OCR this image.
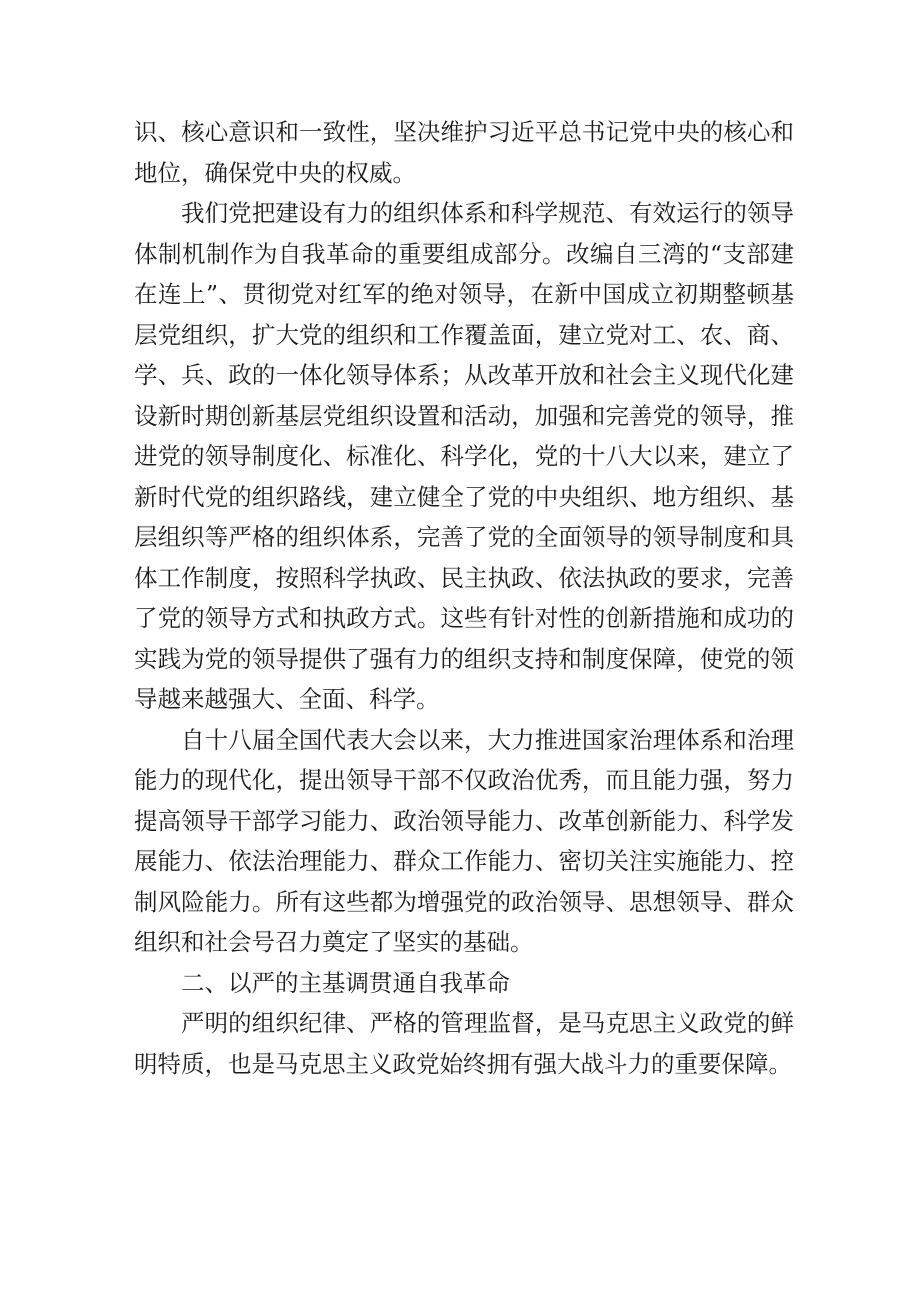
识、核心意识和一致性，坚决维护习近平总书记党中央的核心和地位，确保党中央的权威。

我们党把建设有力的组织体系和科学规范、有效运行的领导体制机制作为自我革命的重要组成部分。改编自三湾的“支部建在连上”、贯彻党对红军的绝对领导，在新中国成立初期整顿基层党组织，扩大党的组织和工作覆盖面，建立党对工、农、商、学、兵、政的一体化领导体系；从改革开放和社会主义现代化建设新时期创新基层党组织设置和活动，加强和完善党的领导，推进党的领导制度化、标准化、科学化，党的十八大以来，建立了新时代党的组织路线，建立健全了党的中央组织、地方组织、基层组织等严格的组织体系，完善了党的全面领导的领导制度和具体工作制度，按照科学执政、民主执政、依法执政的要求，完善了党的领导方式和执政方式。这些有针对性的创新措施和成功的实践为党的领导提供了强有力的组织支持和制度保障，使党的领导越来越强大、全面、科学。

自十八届全国代表大会以来，大力推进国家治理体系和治理能力的现代化，提出领导干部不仅政治优秀，而且能力强，努力提高领导干部学习能力、政治领导能力、改革创新能力、科学发展能力、依法治理能力、群众工作能力、密切关注实施能力、控制风险能力。所有这些都为增强党的政治领导、思想领导、群众组织和社会号召力奠定了坚实的基础。

二、以严的主基调贯通自我革命

严明的组织纪律、严格的管理监督，是马克思主义政党的鲜明特质，也是马克思主义政党始终拥有强大战斗力的重要保障。
